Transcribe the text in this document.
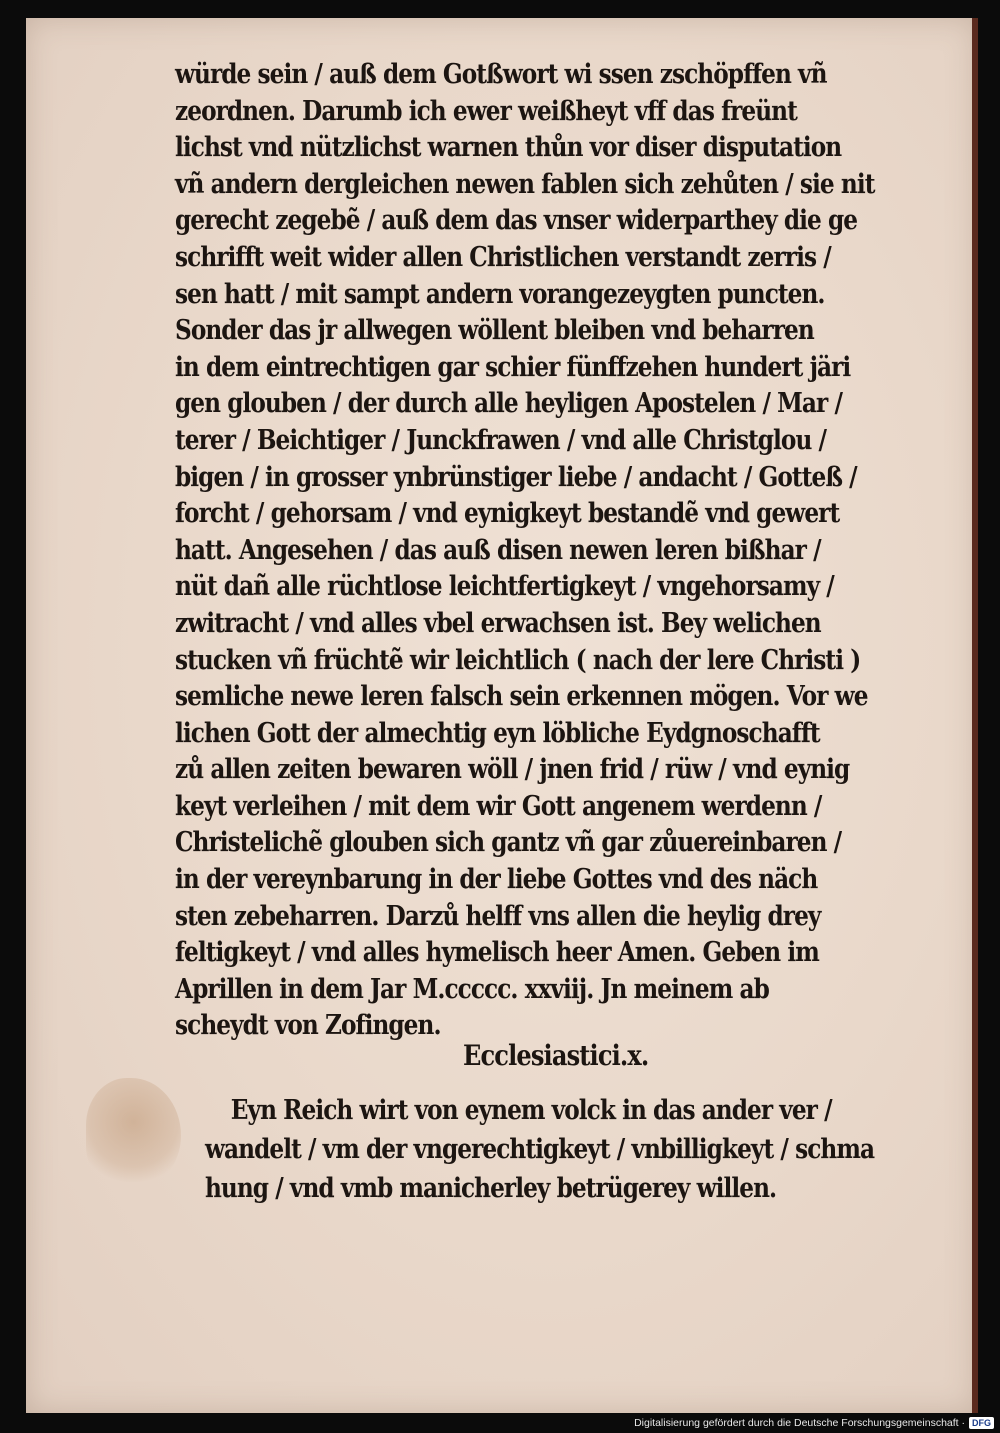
würde sein / auß dem Gotßwort wi ssen zschöpffen vñ
zeordnen. Darumb ich ewer weißheyt vff das freünt
lichst vnd nützlichst warnen thůn vor diser disputation
vñ andern dergleichen newen fablen sich zehůten / sie nit
gerecht zegebẽ / auß dem das vnser widerparthey die ge
schrifft weit wider allen Christlichen verstandt zerris /
sen hatt / mit sampt andern vorangezeygten puncten.
Sonder das jr allwegen wöllent bleiben vnd beharren
in dem eintrechtigen gar schier fünffzehen hundert järi
gen glouben / der durch alle heyligen Apostelen / Mar /
terer / Beichtiger / Junckfrawen / vnd alle Christglou /
bigen / in grosser ynbrünstiger liebe / andacht / Gotteß /
forcht / gehorsam / vnd eynigkeyt bestandẽ vnd gewert
hatt. Angesehen / das auß disen newen leren bißhar /
nüt dañ alle rüchtlose leichtfertigkeyt / vngehorsamy /
zwitracht / vnd alles vbel erwachsen ist. Bey welichen
stucken vñ früchtẽ wir leichtlich ( nach der lere Christi )
semliche newe leren falsch sein erkennen mögen. Vor we
lichen Gott der almechtig eyn löbliche Eydgnoschafft
zů allen zeiten bewaren wöll / jnen frid / rüw / vnd eynig
keyt verleihen / mit dem wir Gott angenem werdenn /
Christelichẽ glouben sich gantz vñ gar zůuereinbaren /
in der vereynbarung in der liebe Gottes vnd des näch
sten zebeharren. Darzů helff vns allen die heylig drey
feltigkeyt / vnd alles hymelisch heer Amen. Geben im
Aprillen in dem Jar M.ccccc. xxviij. Jn meinem ab
scheydt von Zofingen.
Ecclesiastici.x.
Eyn Reich wirt von eynem volck in das ander ver /
wandelt / vm der vngerechtigkeyt / vnbilligkeyt / schma
hung / vnd vmb manicherley betrügerey willen.
Digitalisierung gefördert durch die Deutsche Forschungsgemeinschaft · DFG
